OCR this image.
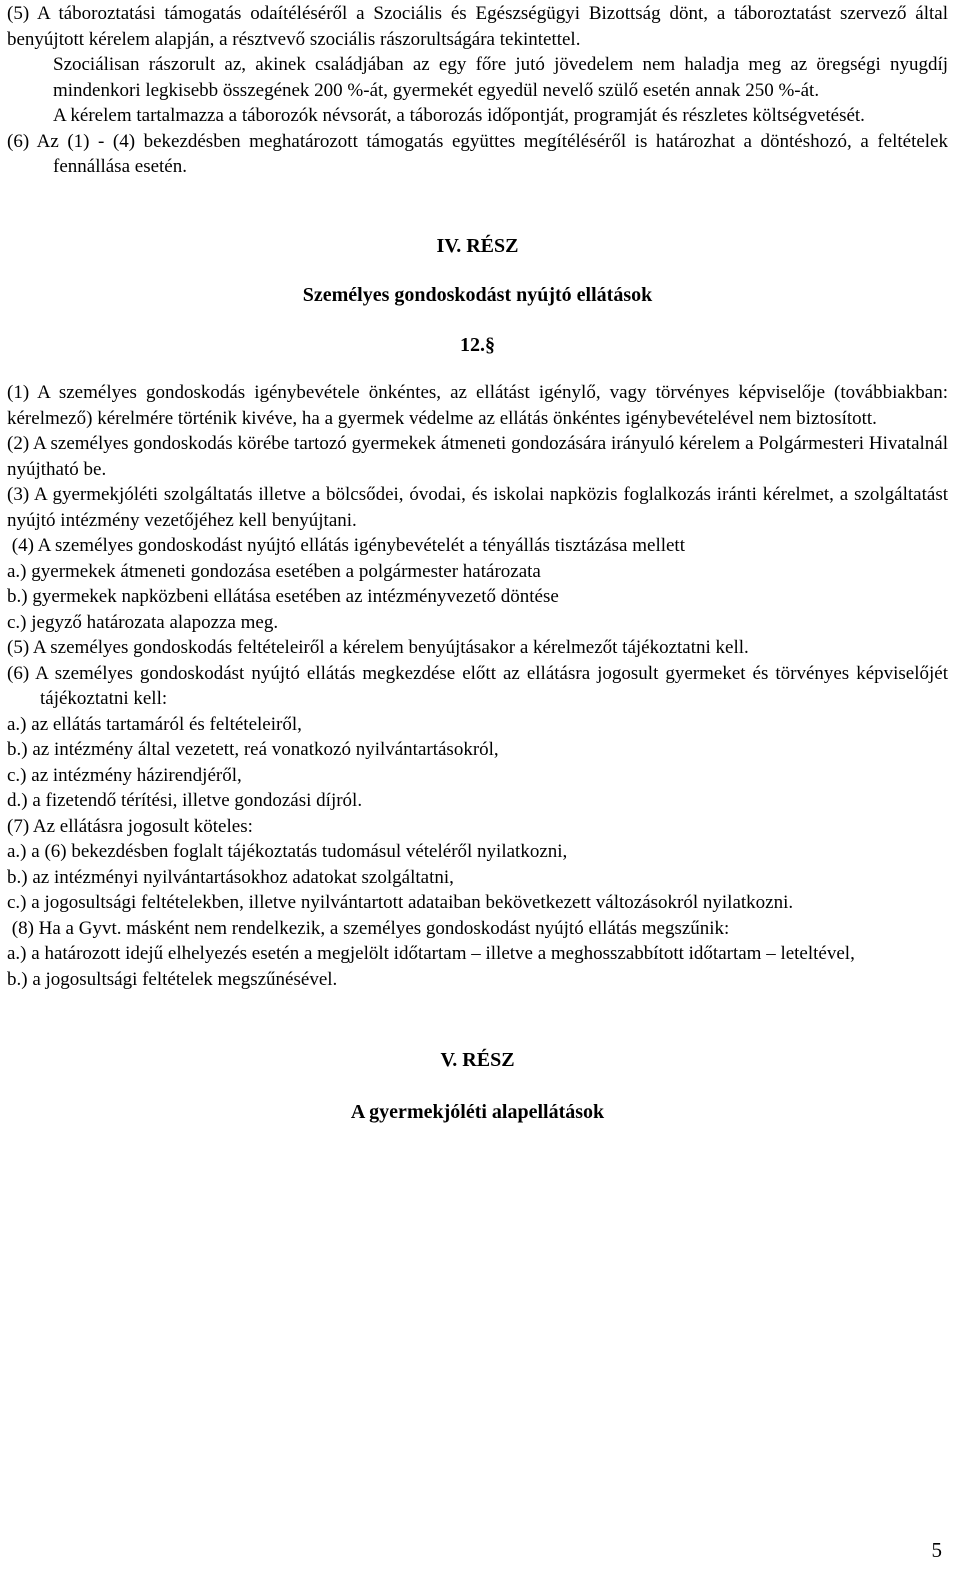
(5) A táboroztatási támogatás odaítéléséről a Szociális és Egészségügyi Bizottság dönt, a táboroztatást szervező által benyújtott kérelem alapján, a résztvevő szociális rászorultságára tekintettel.

Szociálisan rászorult az, akinek családjában az egy főre jutó jövedelem nem haladja meg az öregségi nyugdíj mindenkori legkisebb összegének 200 %-át, gyermekét egyedül nevelő szülő esetén annak 250 %-át.

A kérelem tartalmazza a táborozók névsorát, a táborozás időpontját, programját és részletes költségvetését.

(6) Az (1) - (4) bekezdésben meghatározott támogatás együttes megítéléséről is határozhat a döntéshozó, a feltételek fennállása esetén.

IV. RÉSZ

Személyes gondoskodást nyújtó ellátások

12.§

(1) A személyes gondoskodás igénybevétele önkéntes, az ellátást igénylő, vagy törvényes képviselője (továbbiakban: kérelmező) kérelmére történik kivéve, ha a gyermek védelme az ellátás önkéntes igénybevételével nem biztosított.

(2) A személyes gondoskodás körébe tartozó gyermekek átmeneti gondozására irányuló kérelem a Polgármesteri Hivatalnál nyújtható be.

(3) A gyermekjóléti szolgáltatás illetve a bölcsődei, óvodai, és iskolai napközis foglalkozás iránti kérelmet, a szolgáltatást nyújtó intézmény vezetőjéhez kell benyújtani.

(4) A személyes gondoskodást nyújtó ellátás igénybevételét a tényállás tisztázása mellett

a.) gyermekek átmeneti gondozása esetében a polgármester határozata

b.) gyermekek napközbeni ellátása esetében az intézményvezető döntése

c.) jegyző határozata alapozza meg.

(5) A személyes gondoskodás feltételeiről a kérelem benyújtásakor a kérelmezőt tájékoztatni kell.

(6) A személyes gondoskodást nyújtó ellátás megkezdése előtt az ellátásra jogosult gyermeket és törvényes képviselőjét tájékoztatni kell:

a.) az ellátás tartamáról és feltételeiről,

b.) az intézmény által vezetett, reá vonatkozó nyilvántartásokról,

c.) az intézmény házirendjéről,

d.) a fizetendő térítési, illetve gondozási díjról.

(7) Az ellátásra jogosult köteles:

a.) a (6) bekezdésben foglalt tájékoztatás tudomásul vételéről nyilatkozni,

b.) az intézményi nyilvántartásokhoz adatokat szolgáltatni,

c.) a jogosultsági feltételekben, illetve nyilvántartott adataiban bekövetkezett változásokról nyilatkozni.

(8) Ha a Gyvt. másként nem rendelkezik, a személyes gondoskodást nyújtó ellátás megszűnik:

a.) a határozott idejű elhelyezés esetén a megjelölt időtartam – illetve a meghosszabbított időtartam – leteltével,

b.) a jogosultsági feltételek megszűnésével.

V. RÉSZ

A gyermekjóléti alapellátások

5
